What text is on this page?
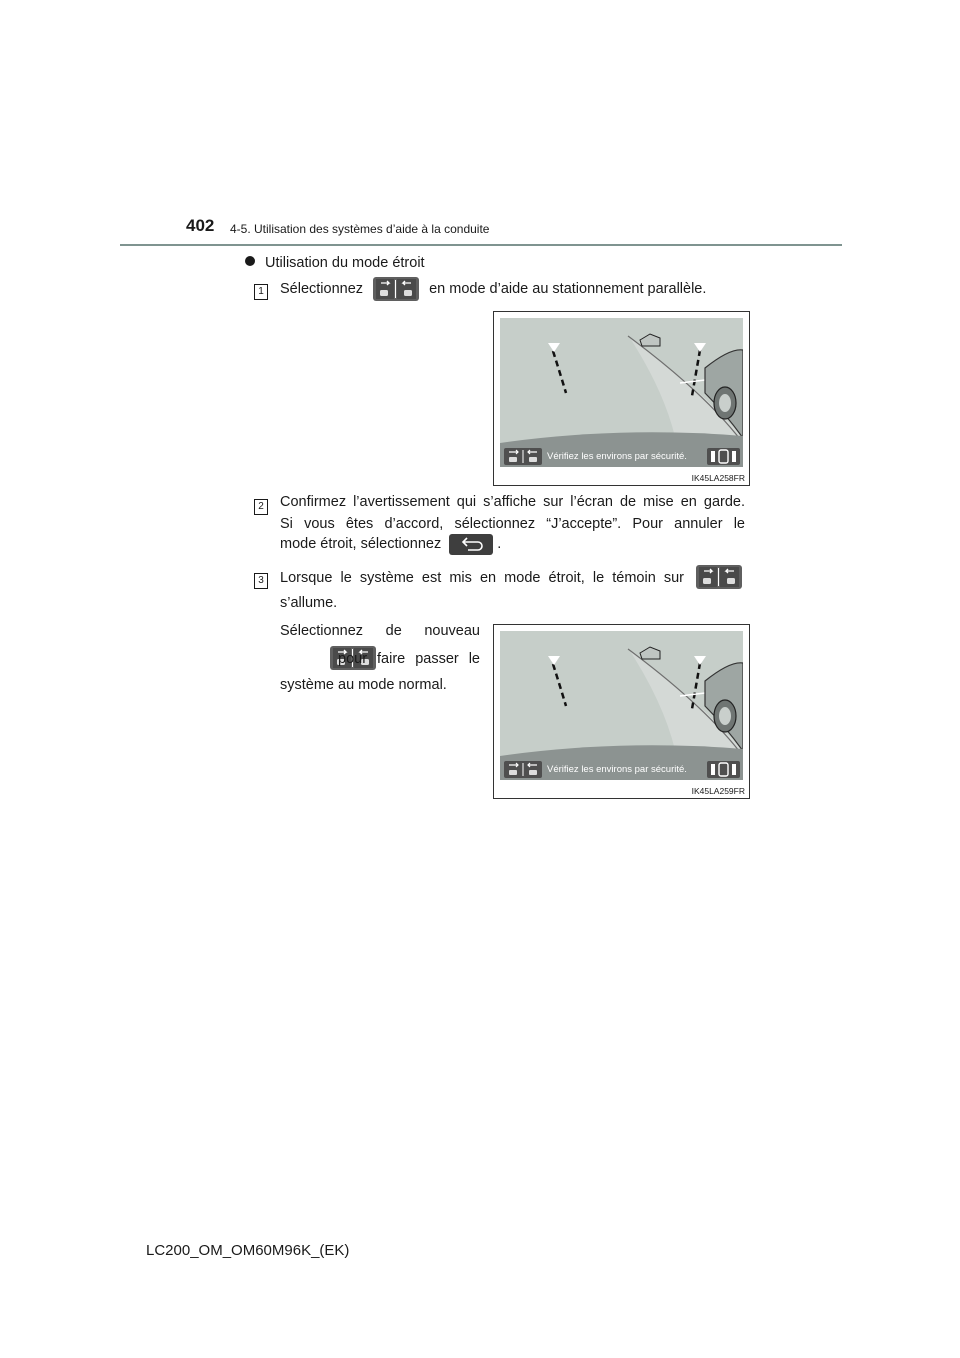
402 4-5. Utilisation des systèmes d’aide à la conduite
Utilisation du mode étroit
1 Sélectionnez	en mode d’aide au stationnement parallèle.
Vérifiez les environs par sécurité.
IK45LA258FR
2 Confirmez l’avertissement qui s’affiche sur l’écran de mise en garde.
Si vous êtes d’accord, sélectionnez “J’accepte”. Pour annuler le
mode étroit, sélectionnez	.
3 Lorsque le système est mis en mode étroit, le témoin sur

s’allume.
Sélectionnez de nouveau
pour faire passer le
système au mode normal.
Vérifiez les environs par sécurité.
IK45LA259FR
LC200_OM_OM60M96K_(EK)
